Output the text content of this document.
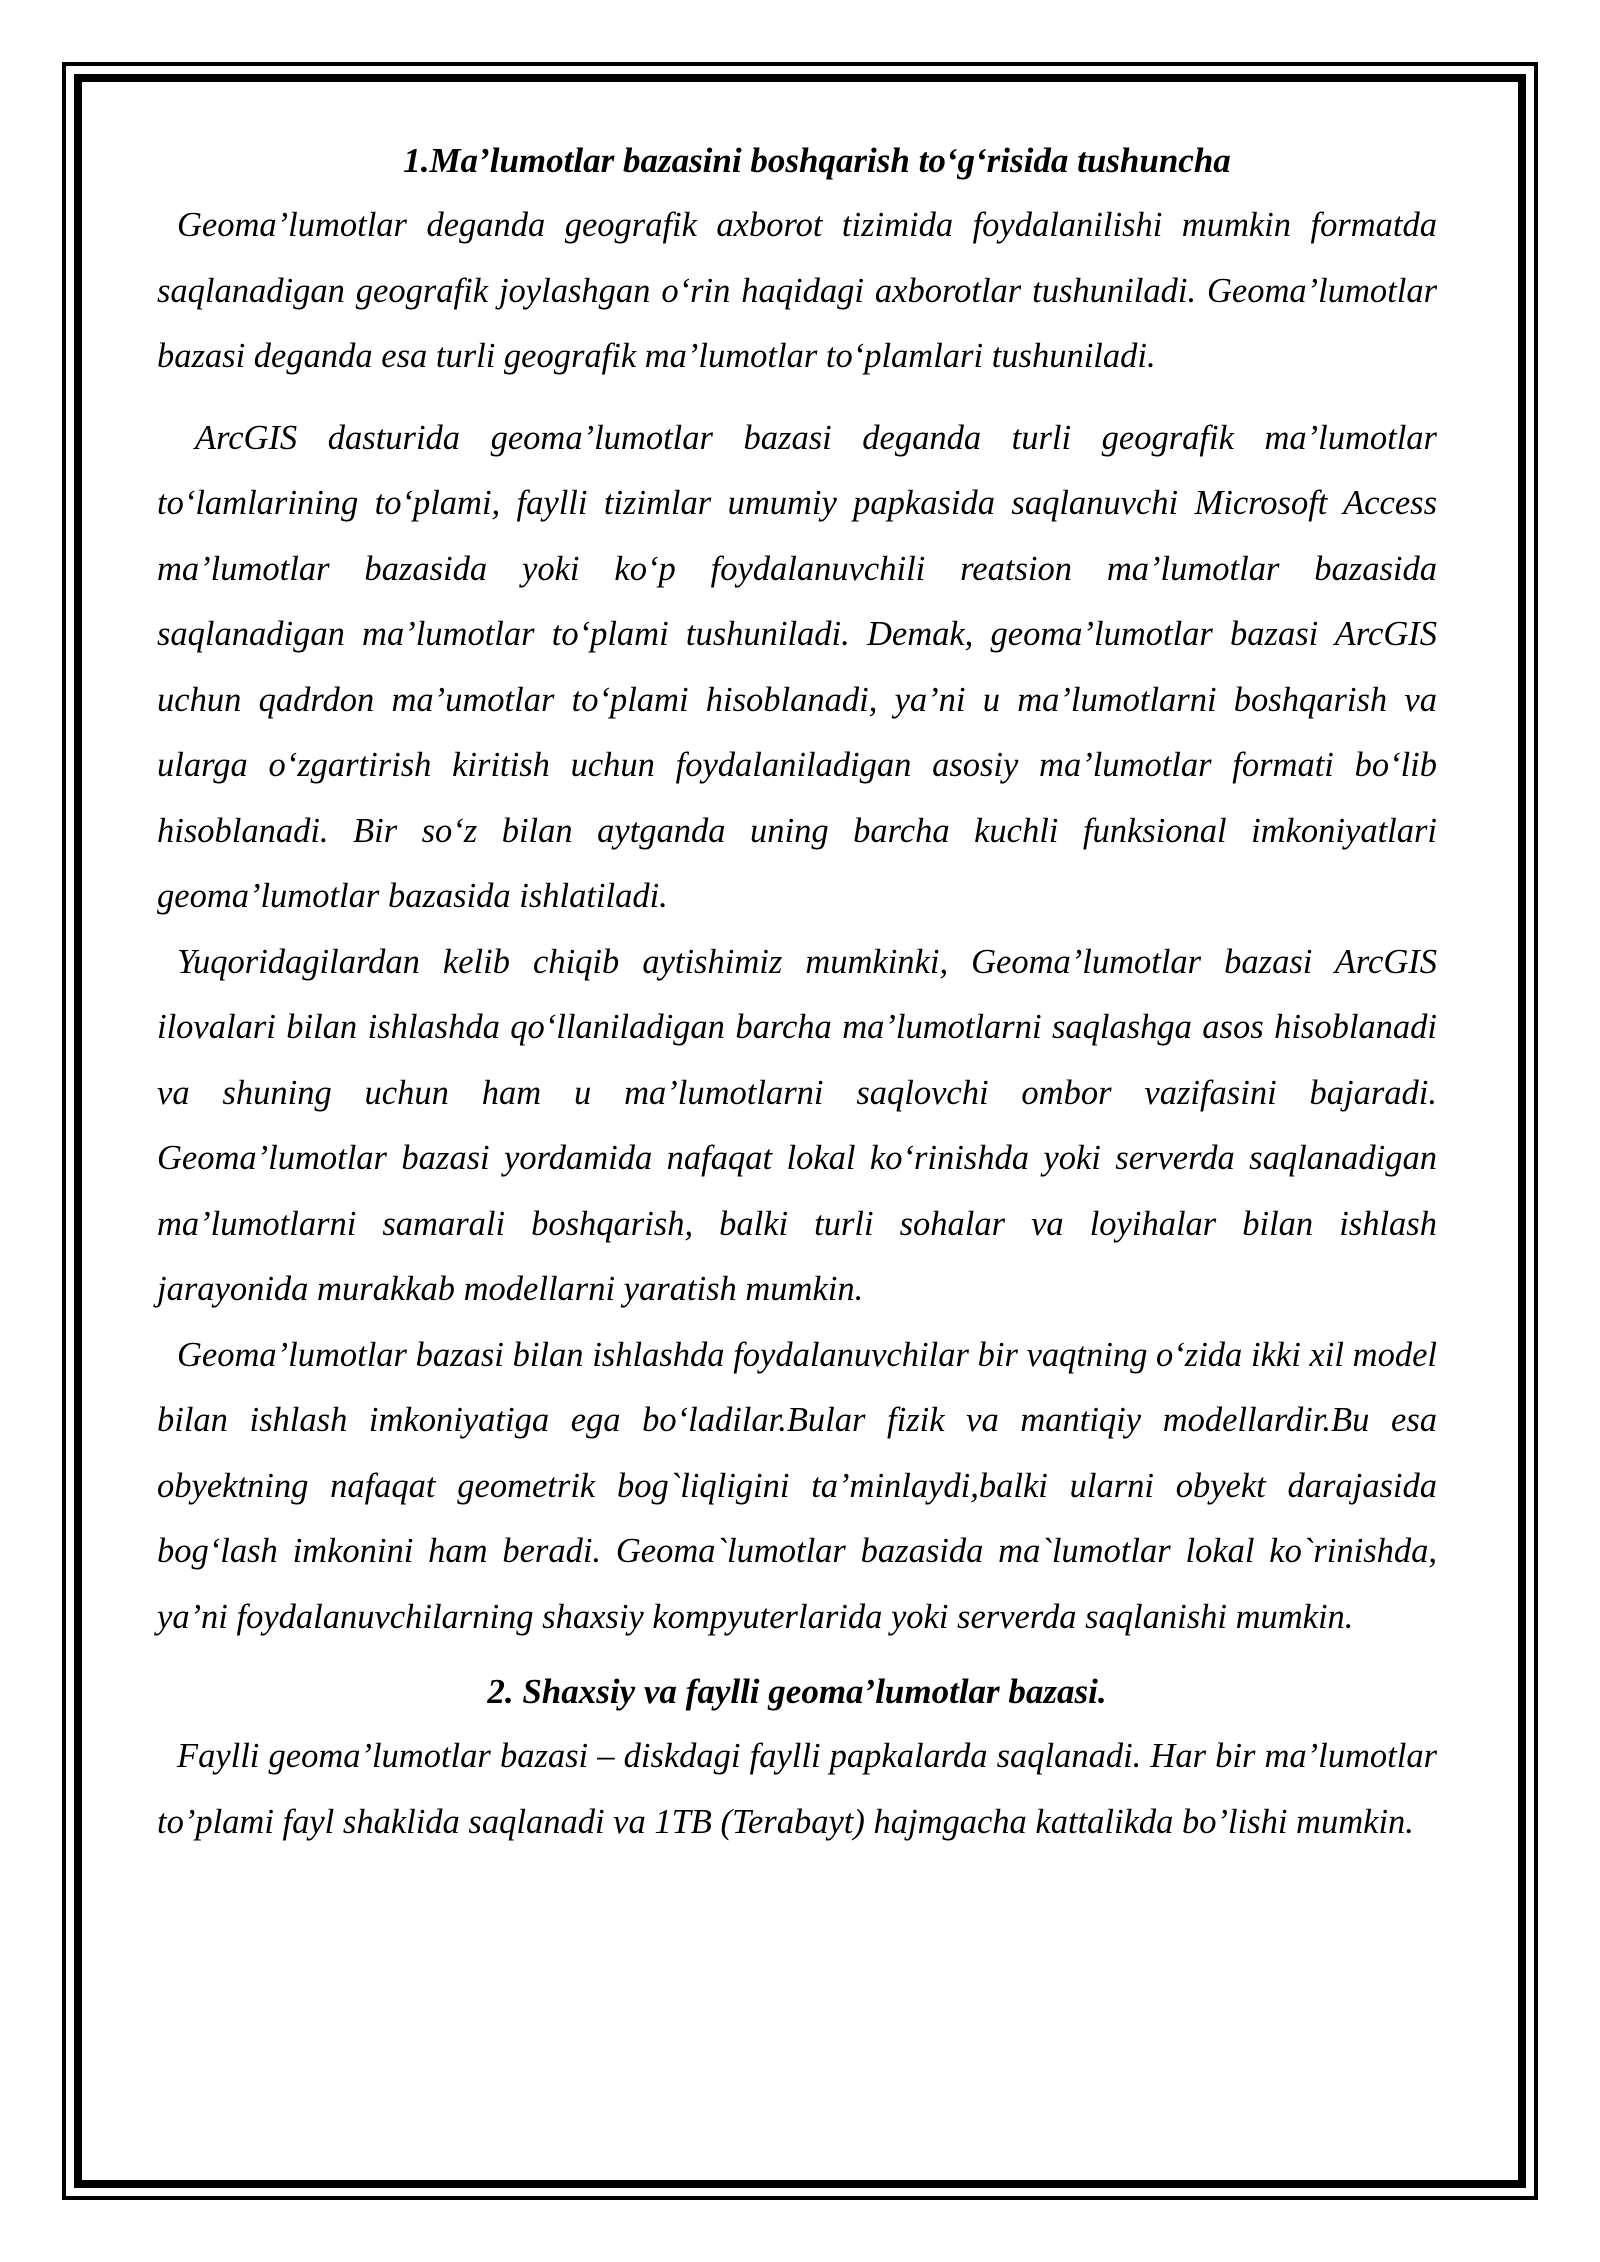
1.Ma’lumotlar bazasini boshqarish to‘g‘risida tushuncha

Geoma’lumotlar deganda geografik axborot tizimida foydalanilishi mumkin formatda saqlanadigan geografik joylashgan o‘rin haqidagi axborotlar tushuniladi. Geoma’lumotlar bazasi deganda esa turli geografik ma’lumotlar to‘plamlari tushuniladi.

ArcGIS dasturida geoma’lumotlar bazasi deganda turli geografik ma’lumotlar to‘lamlarining to‘plami, faylli tizimlar umumiy papkasida saqlanuvchi Microsoft Access ma’lumotlar bazasida yoki ko‘p foydalanuvchili reatsion ma’lumotlar bazasida saqlanadigan ma’lumotlar to‘plami tushuniladi. Demak, geoma’lumotlar bazasi ArcGIS uchun qadrdon ma’umotlar to‘plami hisoblanadi, ya’ni u ma’lumotlarni boshqarish va ularga o‘zgartirish kiritish uchun foydalaniladigan asosiy ma’lumotlar formati bo‘lib hisoblanadi. Bir so‘z bilan aytganda uning barcha kuchli funksional imkoniyatlari geoma’lumotlar bazasida ishlatiladi.

Yuqoridagilardan kelib chiqib aytishimiz mumkinki, Geoma’lumotlar bazasi ArcGIS ilovalari bilan ishlashda qo‘llaniladigan barcha ma’lumotlarni saqlashga asos hisoblanadi va shuning uchun ham u ma’lumotlarni saqlovchi ombor vazifasini bajaradi. Geoma’lumotlar bazasi yordamida nafaqat lokal ko‘rinishda yoki serverda saqlanadigan ma’lumotlarni samarali boshqarish, balki turli sohalar va loyihalar bilan ishlash jarayonida murakkab modellarni yaratish mumkin.

Geoma’lumotlar bazasi bilan ishlashda foydalanuvchilar bir vaqtning o‘zida ikki xil model bilan ishlash imkoniyatiga ega bo‘ladilar.Bular fizik va mantiqiy modellardir.Bu esa obyektning nafaqat geometrik bog`liqligini ta’minlaydi,balki ularni obyekt darajasida bog‘lash imkonini ham beradi. Geoma`lumotlar bazasida ma`lumotlar lokal ko`rinishda, ya’ni foydalanuvchilarning shaxsiy kompyuterlarida yoki serverda saqlanishi mumkin.

2. Shaxsiy va faylli geoma’lumotlar bazasi.

Faylli geoma’lumotlar bazasi – diskdagi faylli papkalarda saqlanadi. Har bir ma’lumotlar to’plami fayl shaklida saqlanadi va 1TB (Terabayt) hajmgacha kattalikda bo’lishi mumkin.
